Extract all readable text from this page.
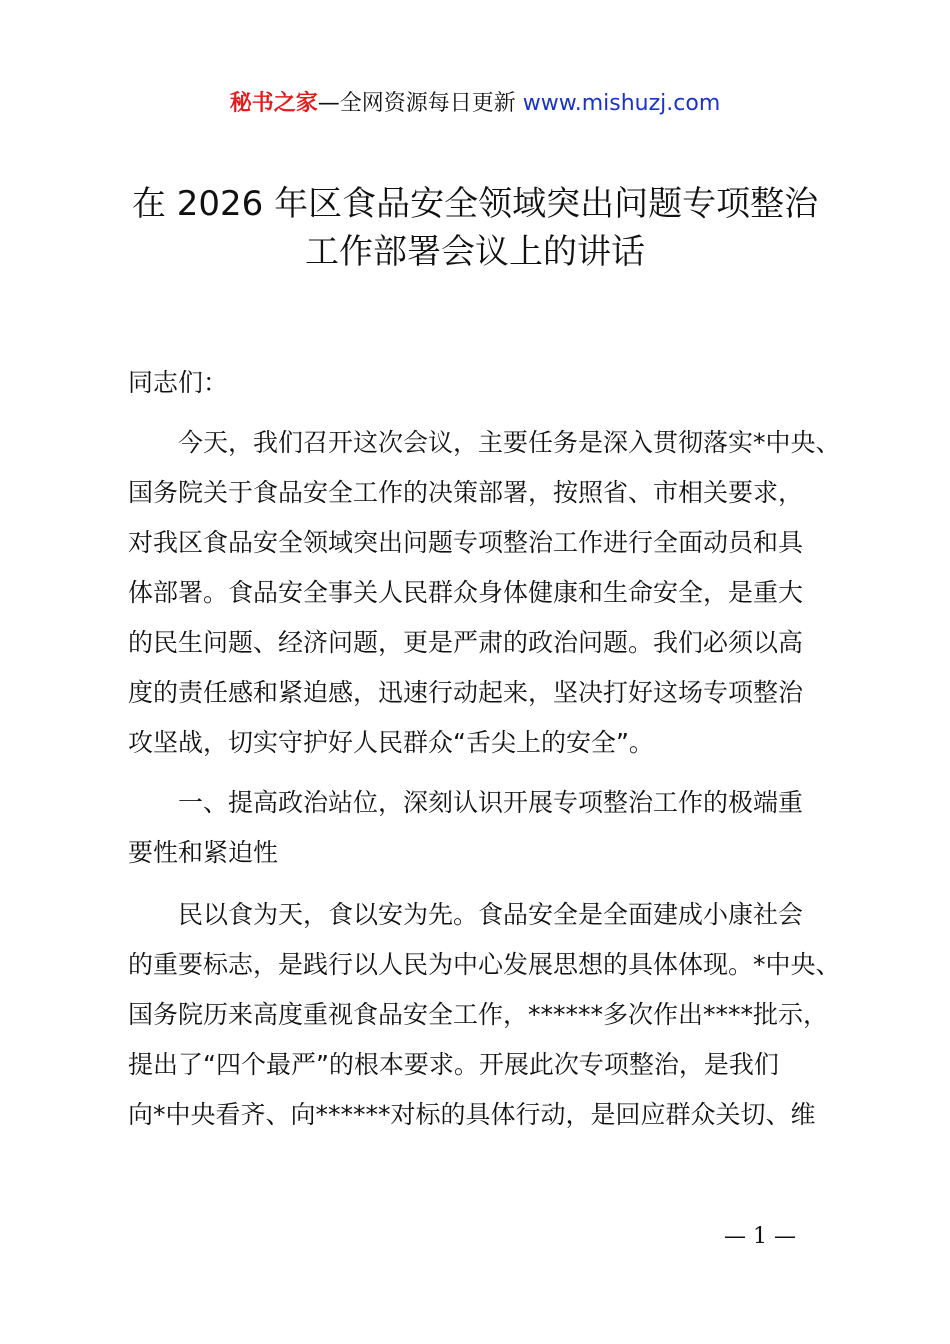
秘书之家—全网资源每日更新 www.mishuzj.com
在 2026 年区食品安全领域突出问题专项整治
工作部署会议上的讲话
同志们：
今天，我们召开这次会议，主要任务是深入贯彻落实*中央、
国务院关于食品安全工作的决策部署，按照省、市相关要求，
对我区食品安全领域突出问题专项整治工作进行全面动员和具
体部署。食品安全事关人民群众身体健康和生命安全，是重大
的民生问题、经济问题，更是严肃的政治问题。我们必须以高
度的责任感和紧迫感，迅速行动起来，坚决打好这场专项整治
攻坚战，切实守护好人民群众“舌尖上的安全”。
一、提高政治站位，深刻认识开展专项整治工作的极端重
要性和紧迫性
民以食为天，食以安为先。食品安全是全面建成小康社会
的重要标志，是践行以人民为中心发展思想的具体体现。*中央、
国务院历来高度重视食品安全工作，******多次作出****批示，
提出了“四个最严”的根本要求。开展此次专项整治，是我们
向*中央看齐、向******对标的具体行动，是回应群众关切、维
— 1 —
